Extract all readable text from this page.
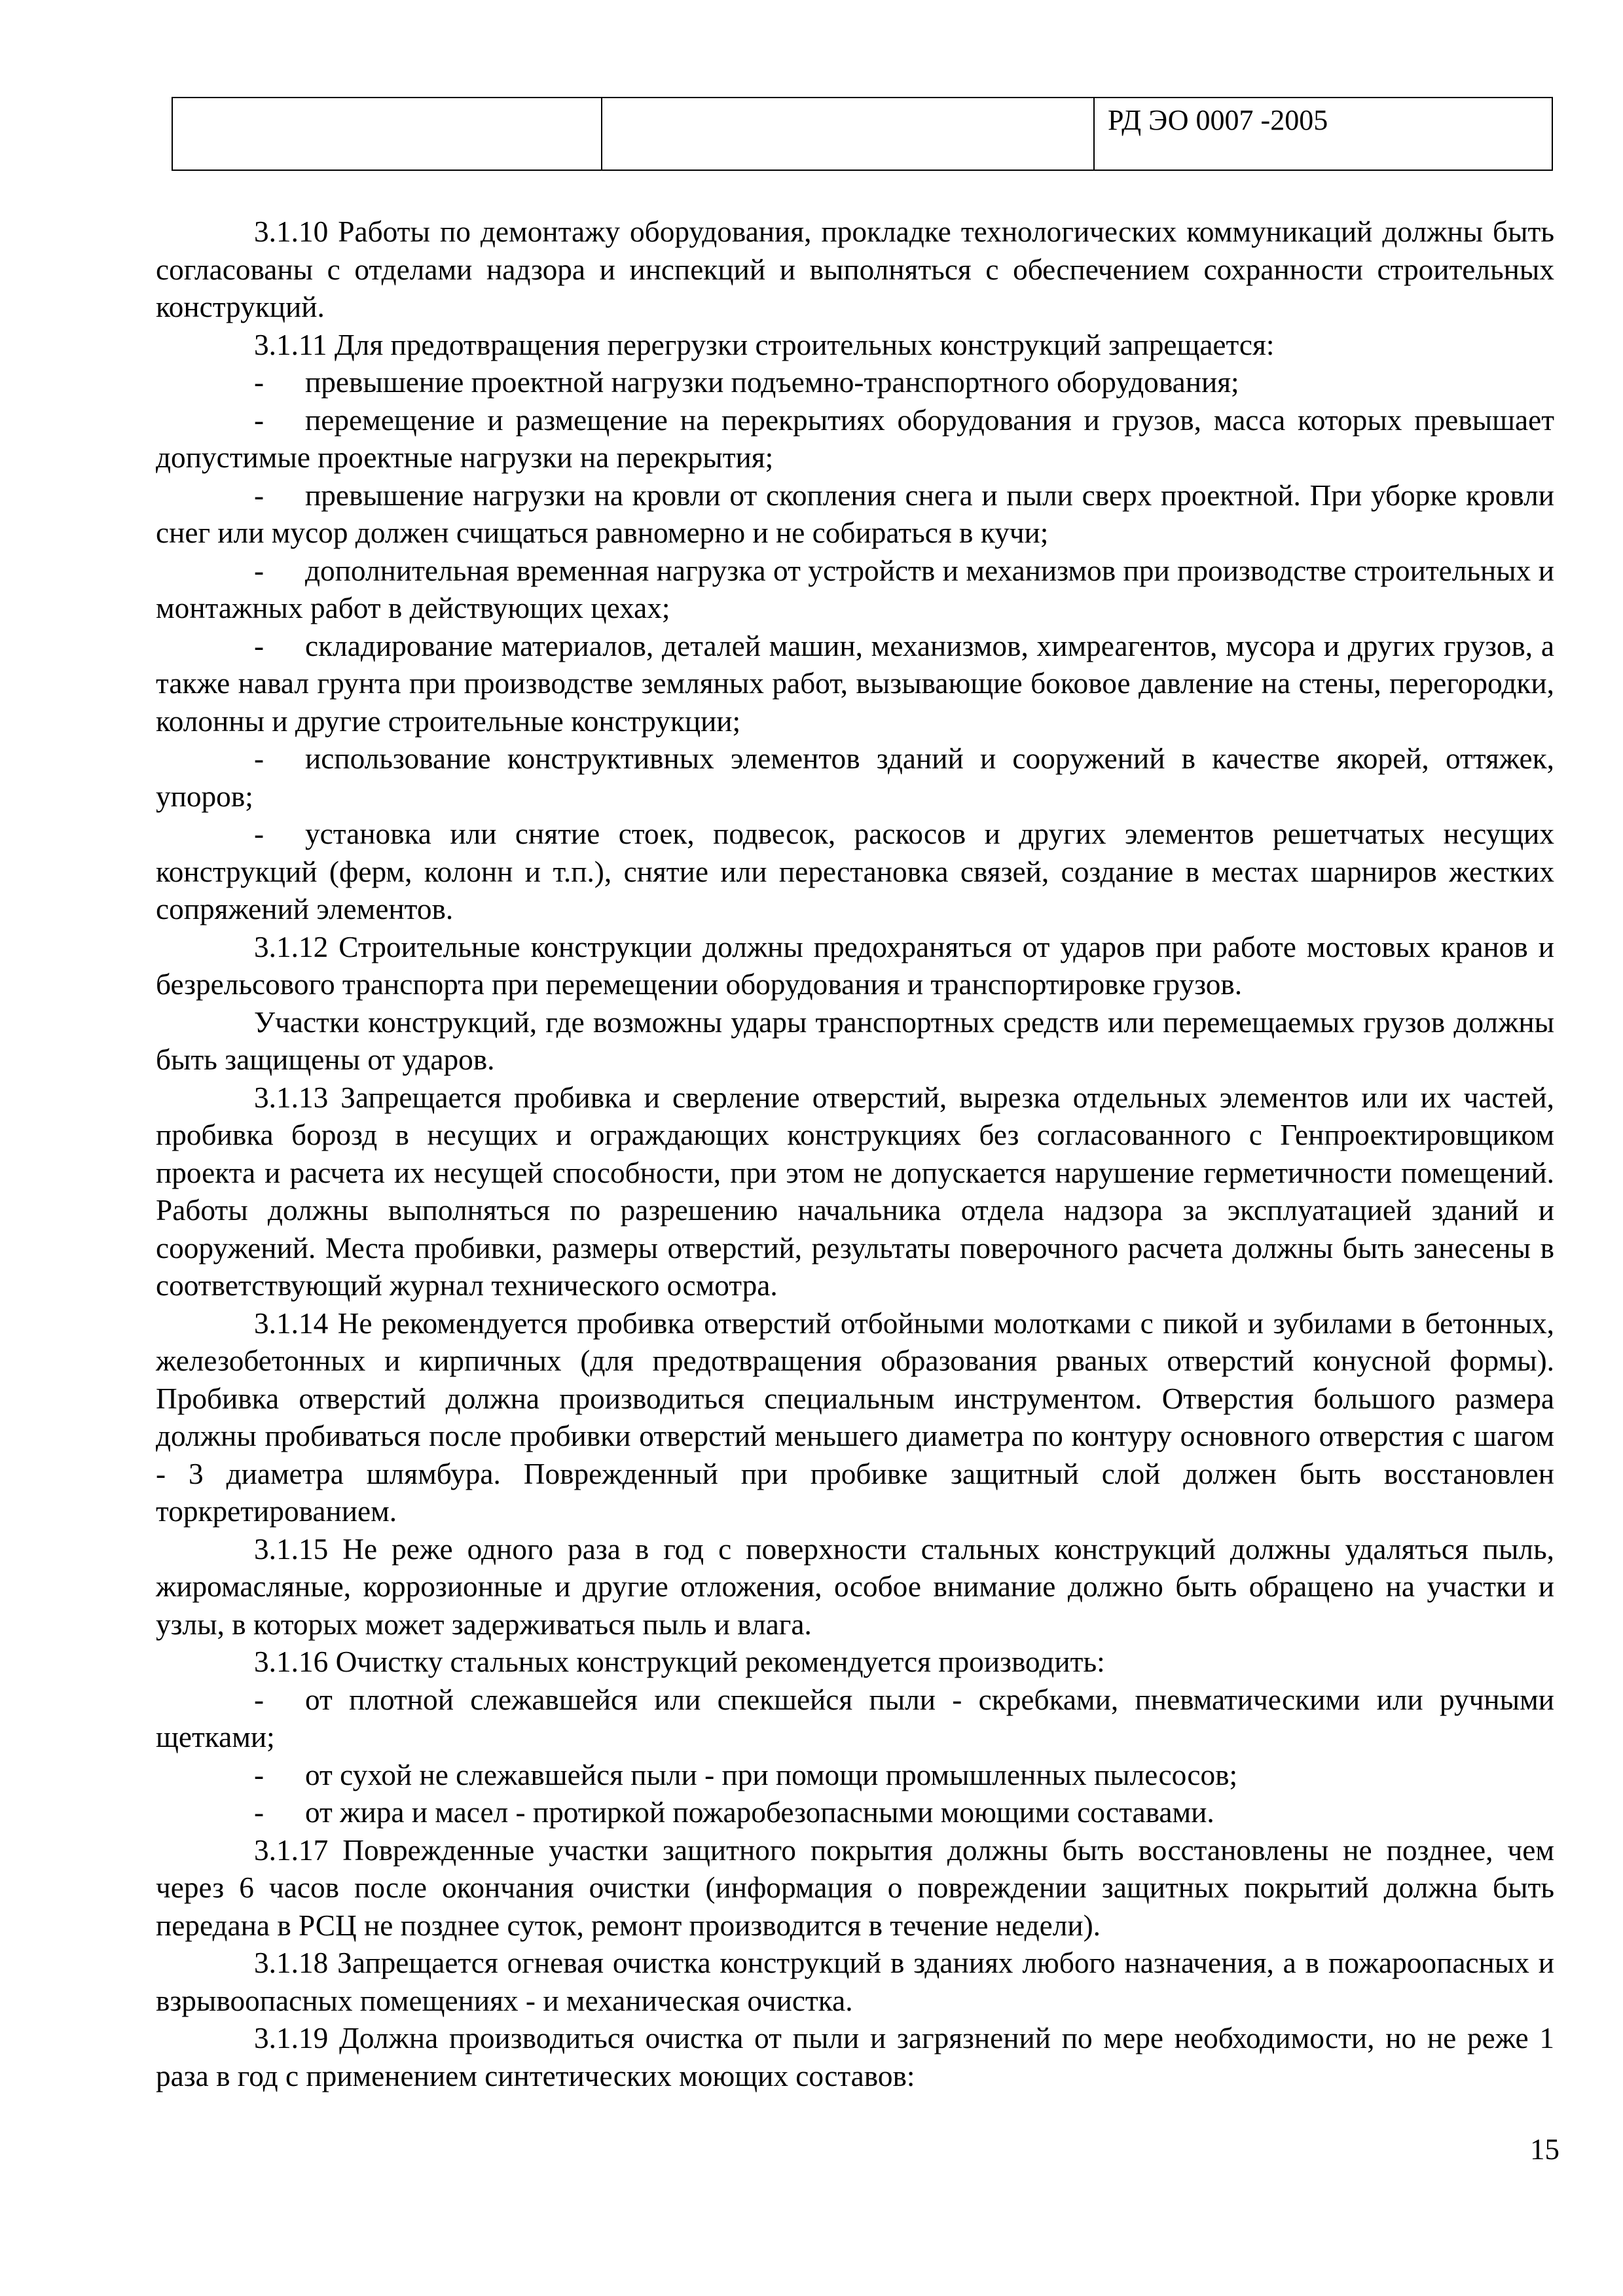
		РД ЭО 0007 -2005

3.1.10 Работы по демонтажу оборудования, прокладке технологических коммуникаций должны быть согласованы с отделами надзора и инспекций и выполняться с обеспечением сохранности строительных конструкций.

3.1.11 Для предотвращения перегрузки строительных конструкций запрещается:

- превышение проектной нагрузки подъемно-транспортного оборудования;

- перемещение и размещение на перекрытиях оборудования и грузов, масса которых превышает допустимые проектные нагрузки на перекрытия;

- превышение нагрузки на кровли от скопления снега и пыли сверх проектной. При уборке кровли снег или мусор должен счищаться равномерно и не собираться в кучи;

- дополнительная временная нагрузка от устройств и механизмов при производстве строительных и монтажных работ в действующих цехах;

- складирование материалов, деталей машин, механизмов, химреагентов, мусора и других грузов, а также навал грунта при производстве земляных работ, вызывающие боковое давление на стены, перегородки, колонны и другие строительные конструкции;

- использование конструктивных элементов зданий и сооружений в качестве якорей, оттяжек, упоров;

- установка или снятие стоек, подвесок, раскосов и других элементов решетчатых несущих конструкций (ферм, колонн и т.п.), снятие или перестановка связей, создание в местах шарниров жестких сопряжений элементов.

3.1.12 Строительные конструкции должны предохраняться от ударов при работе мостовых кранов и безрельсового транспорта при перемещении оборудования и транспортировке грузов.

Участки конструкций, где возможны удары транспортных средств или перемещаемых грузов должны быть защищены от ударов.

3.1.13 Запрещается пробивка и сверление отверстий, вырезка отдельных элементов или их частей, пробивка борозд в несущих и ограждающих конструкциях без согласованного с Генпроектировщиком проекта и расчета их несущей способности, при этом не допускается нарушение герметичности помещений. Работы должны выполняться по разрешению начальника отдела надзора за эксплуатацией зданий и сооружений. Места пробивки, размеры отверстий, результаты поверочного расчета должны быть занесены в соответствующий журнал технического осмотра.

3.1.14 Не рекомендуется пробивка отверстий отбойными молотками с пикой и зубилами в бетонных, железобетонных и кирпичных (для предотвращения образования рваных отверстий конусной формы). Пробивка отверстий должна производиться специальным инструментом. Отверстия большого размера должны пробиваться после пробивки отверстий меньшего диаметра по контуру основного отверстия с шагом - 3 диаметра шлямбура. Поврежденный при пробивке защитный слой должен быть восстановлен торкретированием.

3.1.15 Не реже одного раза в год с поверхности стальных конструкций должны удаляться пыль, жиромасляные, коррозионные и другие отложения, особое внимание должно быть обращено на участки и узлы, в которых может задерживаться пыль и влага.

3.1.16 Очистку стальных конструкций рекомендуется производить:

- от плотной слежавшейся или спекшейся пыли - скребками, пневматическими или ручными щетками;

- от сухой не слежавшейся пыли - при помощи промышленных пылесосов;

- от жира и масел - протиркой пожаробезопасными моющими составами.

3.1.17 Поврежденные участки защитного покрытия должны быть восстановлены не позднее, чем через 6 часов после окончания очистки (информация о повреждении защитных покрытий должна быть передана в РСЦ не позднее суток, ремонт производится в течение недели).

3.1.18 Запрещается огневая очистка конструкций в зданиях любого назначения, а в пожароопасных и взрывоопасных помещениях - и механическая очистка.

3.1.19 Должна производиться очистка от пыли и загрязнений по мере необходимости, но не реже 1 раза в год с применением синтетических моющих составов:

15
